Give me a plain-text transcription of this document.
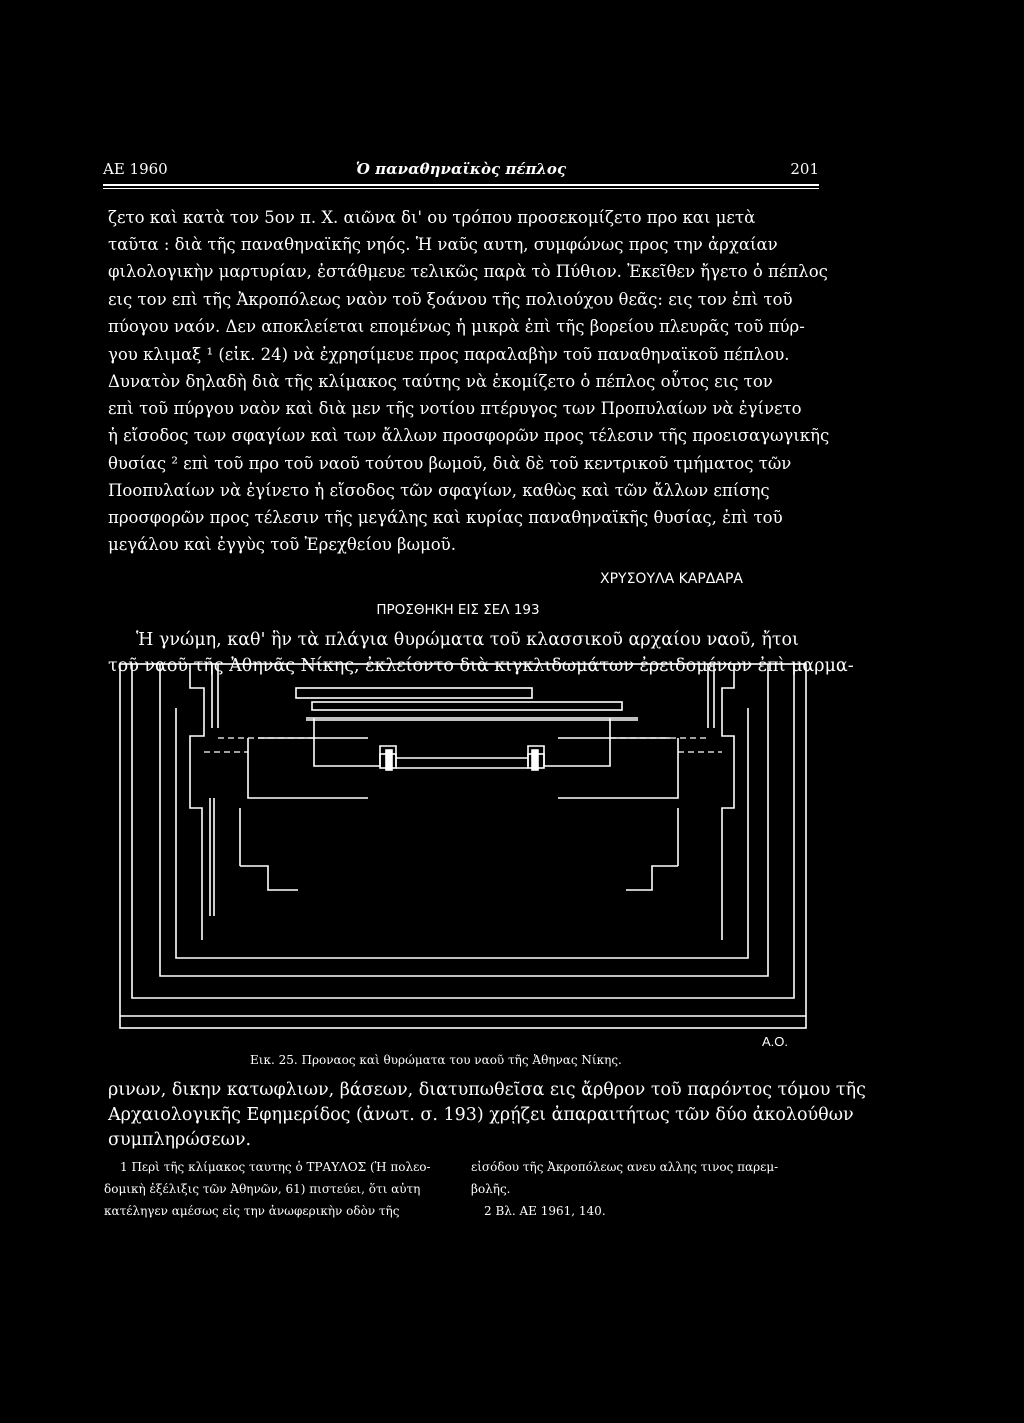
ΑΕ 1960	Ὁ παναθηναϊκὸς πέπλος	201
ζετο καὶ κατὰ τον 5ον π. Χ. αιῶνα δι' ου τρόπου προσεκομίζετο προ και μετὰ
ταῦτα : διὰ τῆς παναθηναϊκῆς νηός. Ἡ ναῦς αυτη, συμφώνως προς την ἀρχαίαν
φιλολογικὴν μαρτυρίαν, ἐστάθμευε τελικῶς παρὰ τὸ Πύθιον. Ἐκεῖθεν ἤγετο ὁ πέπλος
εις τον επὶ τῆς Ἀκροπόλεως ναὸν τοῦ ξοάνου τῆς πολιούχου θεᾶς: εις τον ἐπὶ τοῦ
πύογου ναόν. Δεν αποκλείεται επομένως ἡ μικρὰ ἐπὶ τῆς βορείου πλευρᾶς τοῦ πύρ-
γου κλιμαξ ¹ (εἰκ. 24) νὰ ἐχρησίμευε προς παραλαβὴν τοῦ παναθηναϊκοῦ πέπλου.
Δυνατὸν δηλαδὴ διὰ τῆς κλίμακος ταύτης νὰ ἐκομίζετο ὁ πέπλος οὗτος εις τον
επὶ τοῦ πύργου ναὸν καὶ διὰ μεν τῆς νοτίου πτέρυγος των Προπυλαίων νὰ ἐγίνετο
ἡ εἴσοδος των σφαγίων καὶ των ἄλλων προσφορῶν προς τέλεσιν τῆς προεισαγωγικῆς
θυσίας ² επὶ τοῦ προ τοῦ ναοῦ τούτου βωμοῦ, διὰ δὲ τοῦ κεντρικοῦ τμήματος τῶν
Ποοπυλαίων νὰ ἐγίνετο ἡ εἴσοδος τῶν σφαγίων, καθὼς καὶ τῶν ἄλλων επίσης
προσφορῶν προς τέλεσιν τῆς μεγάλης καὶ κυρίας παναθηναϊκῆς θυσίας, ἐπὶ τοῦ
μεγάλου καὶ ἐγγὺς τοῦ Ἐρεχθείου βωμοῦ.
ΧΡΥΣΟΥΛΑ ΚΑΡΔΑΡΑ
ΠΡΟΣΘΗΚΗ ΕΙΣ ΣΕΛ 193
Ἡ γνώμη, καθ' ἣν τὰ πλάγια θυρώματα τοῦ κλασσικοῦ αρχαίου ναοῦ, ἤτοι
τοῦ ναοῦ τῆς Ἀθηνᾶς Νίκης, ἐκλείοντο διὰ κιγκλιδωμάτων ἐρειδομένων ἐπὶ μαρμα-
Α.Ο.
Εικ. 25. Προναος καὶ θυρώματα του ναοῦ τῆς Ἀθηνας Νίκης.
ρινων, δικην κατωφλιων, βάσεων, διατυπωθεῖσα εις ἄρθρον τοῦ παρόντος τόμου τῆς
Αρχαιολογικῆς Εφημερίδος (ἀνωτ. σ. 193) χρῄζει ἀπαραιτήτως τῶν δύο ἀκολούθων
συμπληρώσεων.
1 Περὶ τῆς κλίμακος ταυτης ὁ ΤΡΑΥΛΟΣ (Ἡ πολεο-
δομικὴ ἐξέλιξις τῶν Ἀθηνῶν, 61) πιστεύει, ὅτι αὐτη
κατέληγεν αμέσως εἰς την ἀνωφερικὴν οδὸν τῆς
εἰσόδου τῆς Ἀκροπόλεως ανευ αλλης τινος παρεμ-
βολῆς.
2 Βλ. ΑΕ 1961, 140.
